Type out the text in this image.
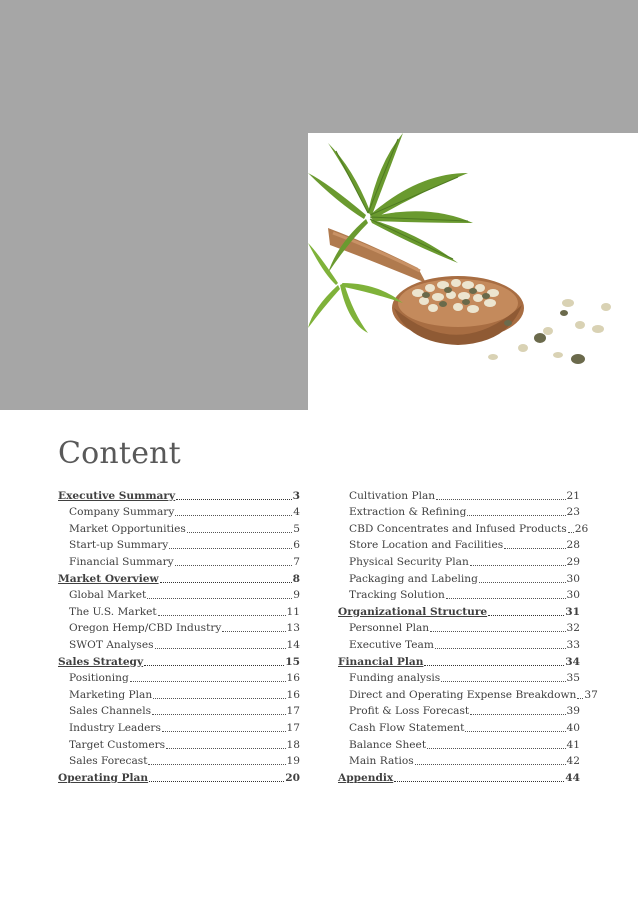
Content
Executive Summary	3
Company Summary	4
Market Opportunities	5
Start-up Summary	6
Financial Summary	7
Market Overview	8
Global Market	9
The U.S. Market	11
Oregon Hemp/CBD Industry	13
SWOT Analyses	14
Sales Strategy	15
Positioning	16
Marketing Plan	16
Sales Channels	17
Industry Leaders	17
Target Customers	18
Sales Forecast	19
Operating Plan	20
Cultivation Plan	21
Extraction & Refining	23
CBD Concentrates and Infused Products 26
Store Location and Facilities	28
Physical Security Plan	29
Packaging and Labeling	30
Tracking Solution	30
Organizational Structure	31
Personnel Plan	32
Executive Team	33
Financial Plan	34
Funding analysis	35
Direct and Operating Expense Breakdown 37
Profit & Loss Forecast	39
Cash Flow Statement	40
Balance Sheet	41
Main Ratios	42
Appendix	44
